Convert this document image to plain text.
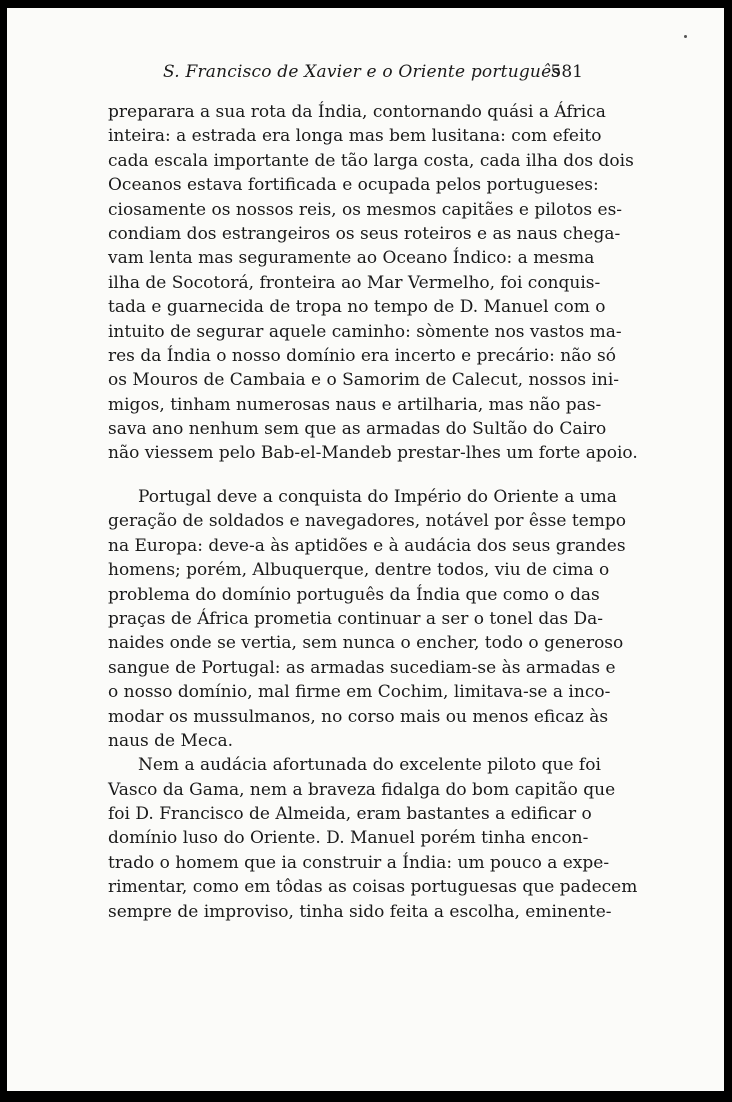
S. Francisco de Xavier e o Oriente português
581
preparara a sua rota da Índia, contornando quási a África
inteira: a estrada era longa mas bem lusitana: com efeito
cada escala importante de tão larga costa, cada ilha dos dois
Oceanos estava fortificada e ocupada pelos portugueses:
ciosamente os nossos reis, os mesmos capitães e pilotos es-
condiam dos estrangeiros os seus roteiros e as naus chega-
vam lenta mas seguramente ao Oceano Índico: a mesma
ilha de Socotorá, fronteira ao Mar Vermelho, foi conquis-
tada e guarnecida de tropa no tempo de D. Manuel com o
intuito de segurar aquele caminho: sòmente nos vastos ma-
res da Índia o nosso domínio era incerto e precário: não só
os Mouros de Cambaia e o Samorim de Calecut, nossos ini-
migos, tinham numerosas naus e artilharia, mas não pas-
sava ano nenhum sem que as armadas do Sultão do Cairo
não viessem pelo Bab-el-Mandeb prestar-lhes um forte apoio.
Portugal deve a conquista do Império do Oriente a uma
geração de soldados e navegadores, notável por êsse tempo
na Europa: deve-a às aptidões e à audácia dos seus grandes
homens; porém, Albuquerque, dentre todos, viu de cima o
problema do domínio português da Índia que como o das
praças de África prometia continuar a ser o tonel das Da-
naides onde se vertia, sem nunca o encher, todo o generoso
sangue de Portugal: as armadas sucediam-se às armadas e
o nosso domínio, mal firme em Cochim, limitava-se a inco-
modar os mussulmanos, no corso mais ou menos eficaz às
naus de Meca.
Nem a audácia afortunada do excelente piloto que foi
Vasco da Gama, nem a braveza fidalga do bom capitão que
foi D. Francisco de Almeida, eram bastantes a edificar o
domínio luso do Oriente. D. Manuel porém tinha encon-
trado o homem que ia construir a Índia: um pouco a expe-
rimentar, como em tôdas as coisas portuguesas que padecem
sempre de improviso, tinha sido feita a escolha, eminente-
